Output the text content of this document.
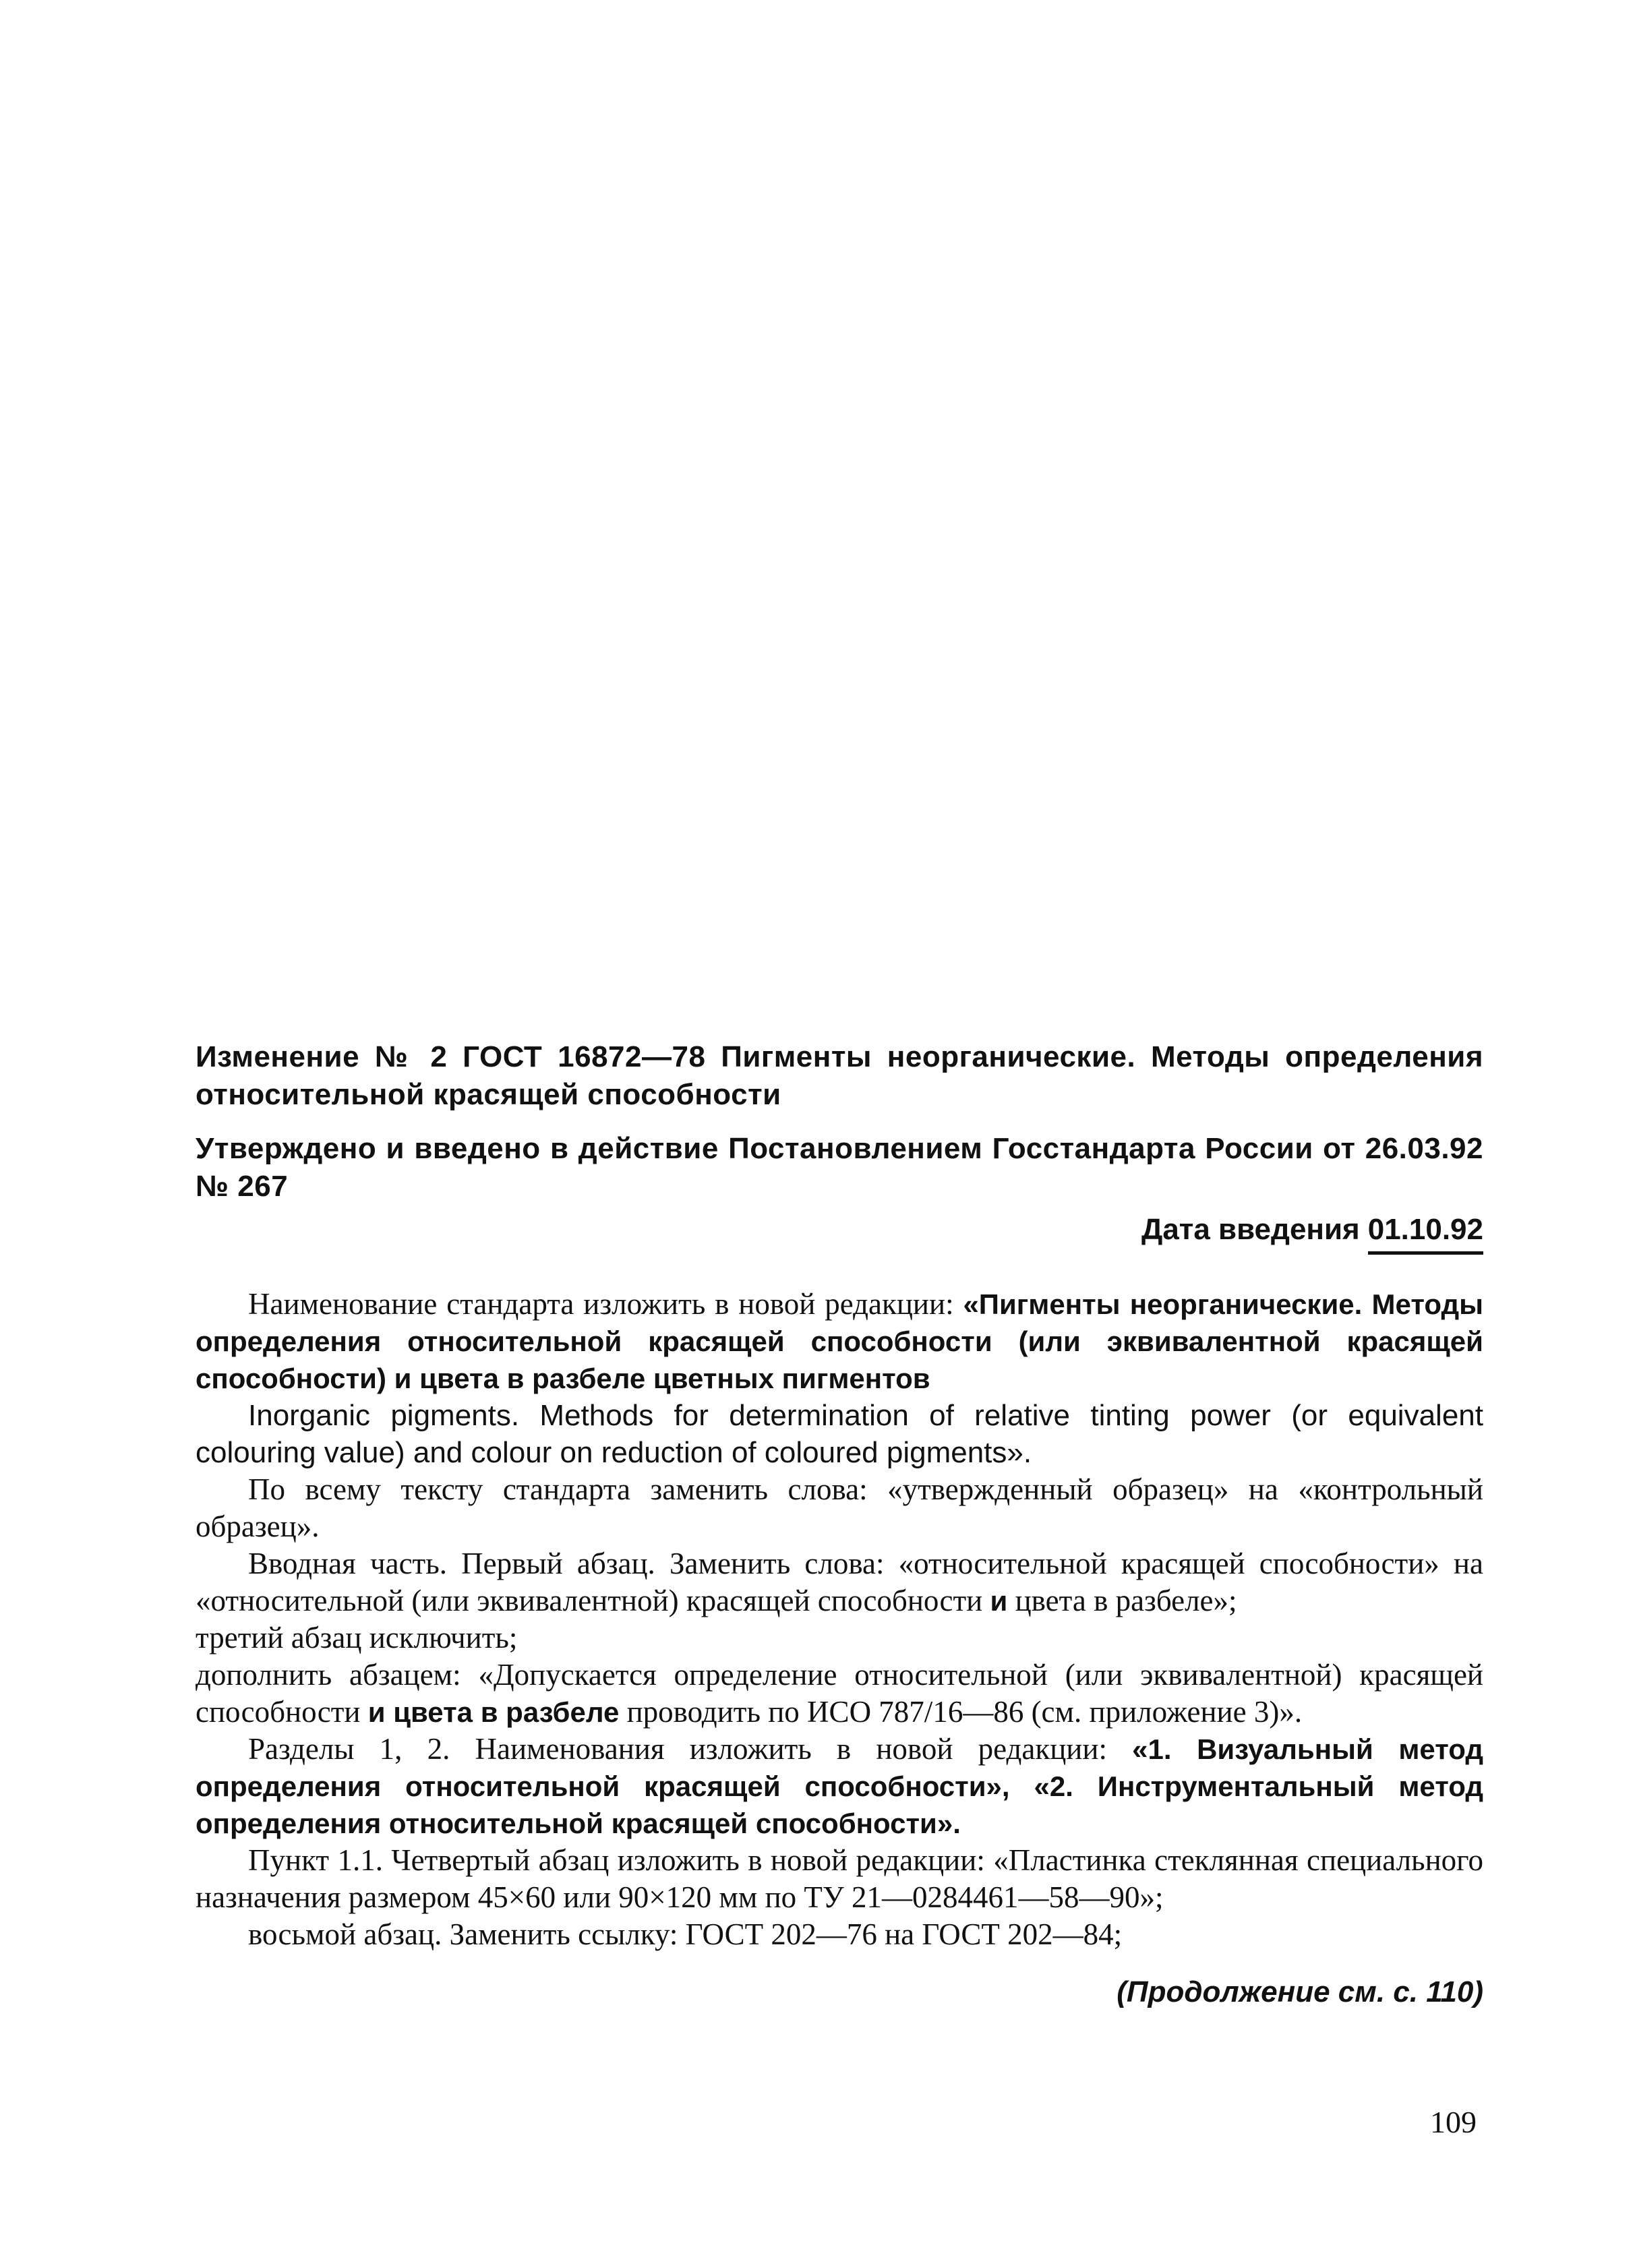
Изменение № 2 ГОСТ 16872—78 Пигменты неорганические. Методы определения относительной красящей способности

Утверждено и введено в действие Постановлением Госстандарта России от 26.03.92 № 267

Дата введения 01.10.92

Наименование стандарта изложить в новой редакции: «Пигменты неорганические. Методы определения относительной красящей способности (или эквивалентной красящей способности) и цвета в разбеле цветных пигментов

Inorganic pigments. Methods for determination of relative tinting power (or equivalent colouring value) and colour on reduction of coloured pigments».

По всему тексту стандарта заменить слова: «утвержденный образец» на «контрольный образец».

Вводная часть. Первый абзац. Заменить слова: «относительной красящей способности» на «относительной (или эквивалентной) красящей способности и цвета в разбеле»;

третий абзац исключить;

дополнить абзацем: «Допускается определение относительной (или эквивалентной) красящей способности и цвета в разбеле проводить по ИСО 787/16—86 (см. приложение 3)».

Разделы 1, 2. Наименования изложить в новой редакции: «1. Визуальный метод определения относительной красящей способности», «2. Инструментальный метод определения относительной красящей способности».

Пункт 1.1. Четвертый абзац изложить в новой редакции: «Пластинка стеклянная специального назначения размером 45×60 или 90×120 мм по ТУ 21—0284461—58—90»;

восьмой абзац. Заменить ссылку: ГОСТ 202—76 на ГОСТ 202—84;

(Продолжение см. с. 110)

109
